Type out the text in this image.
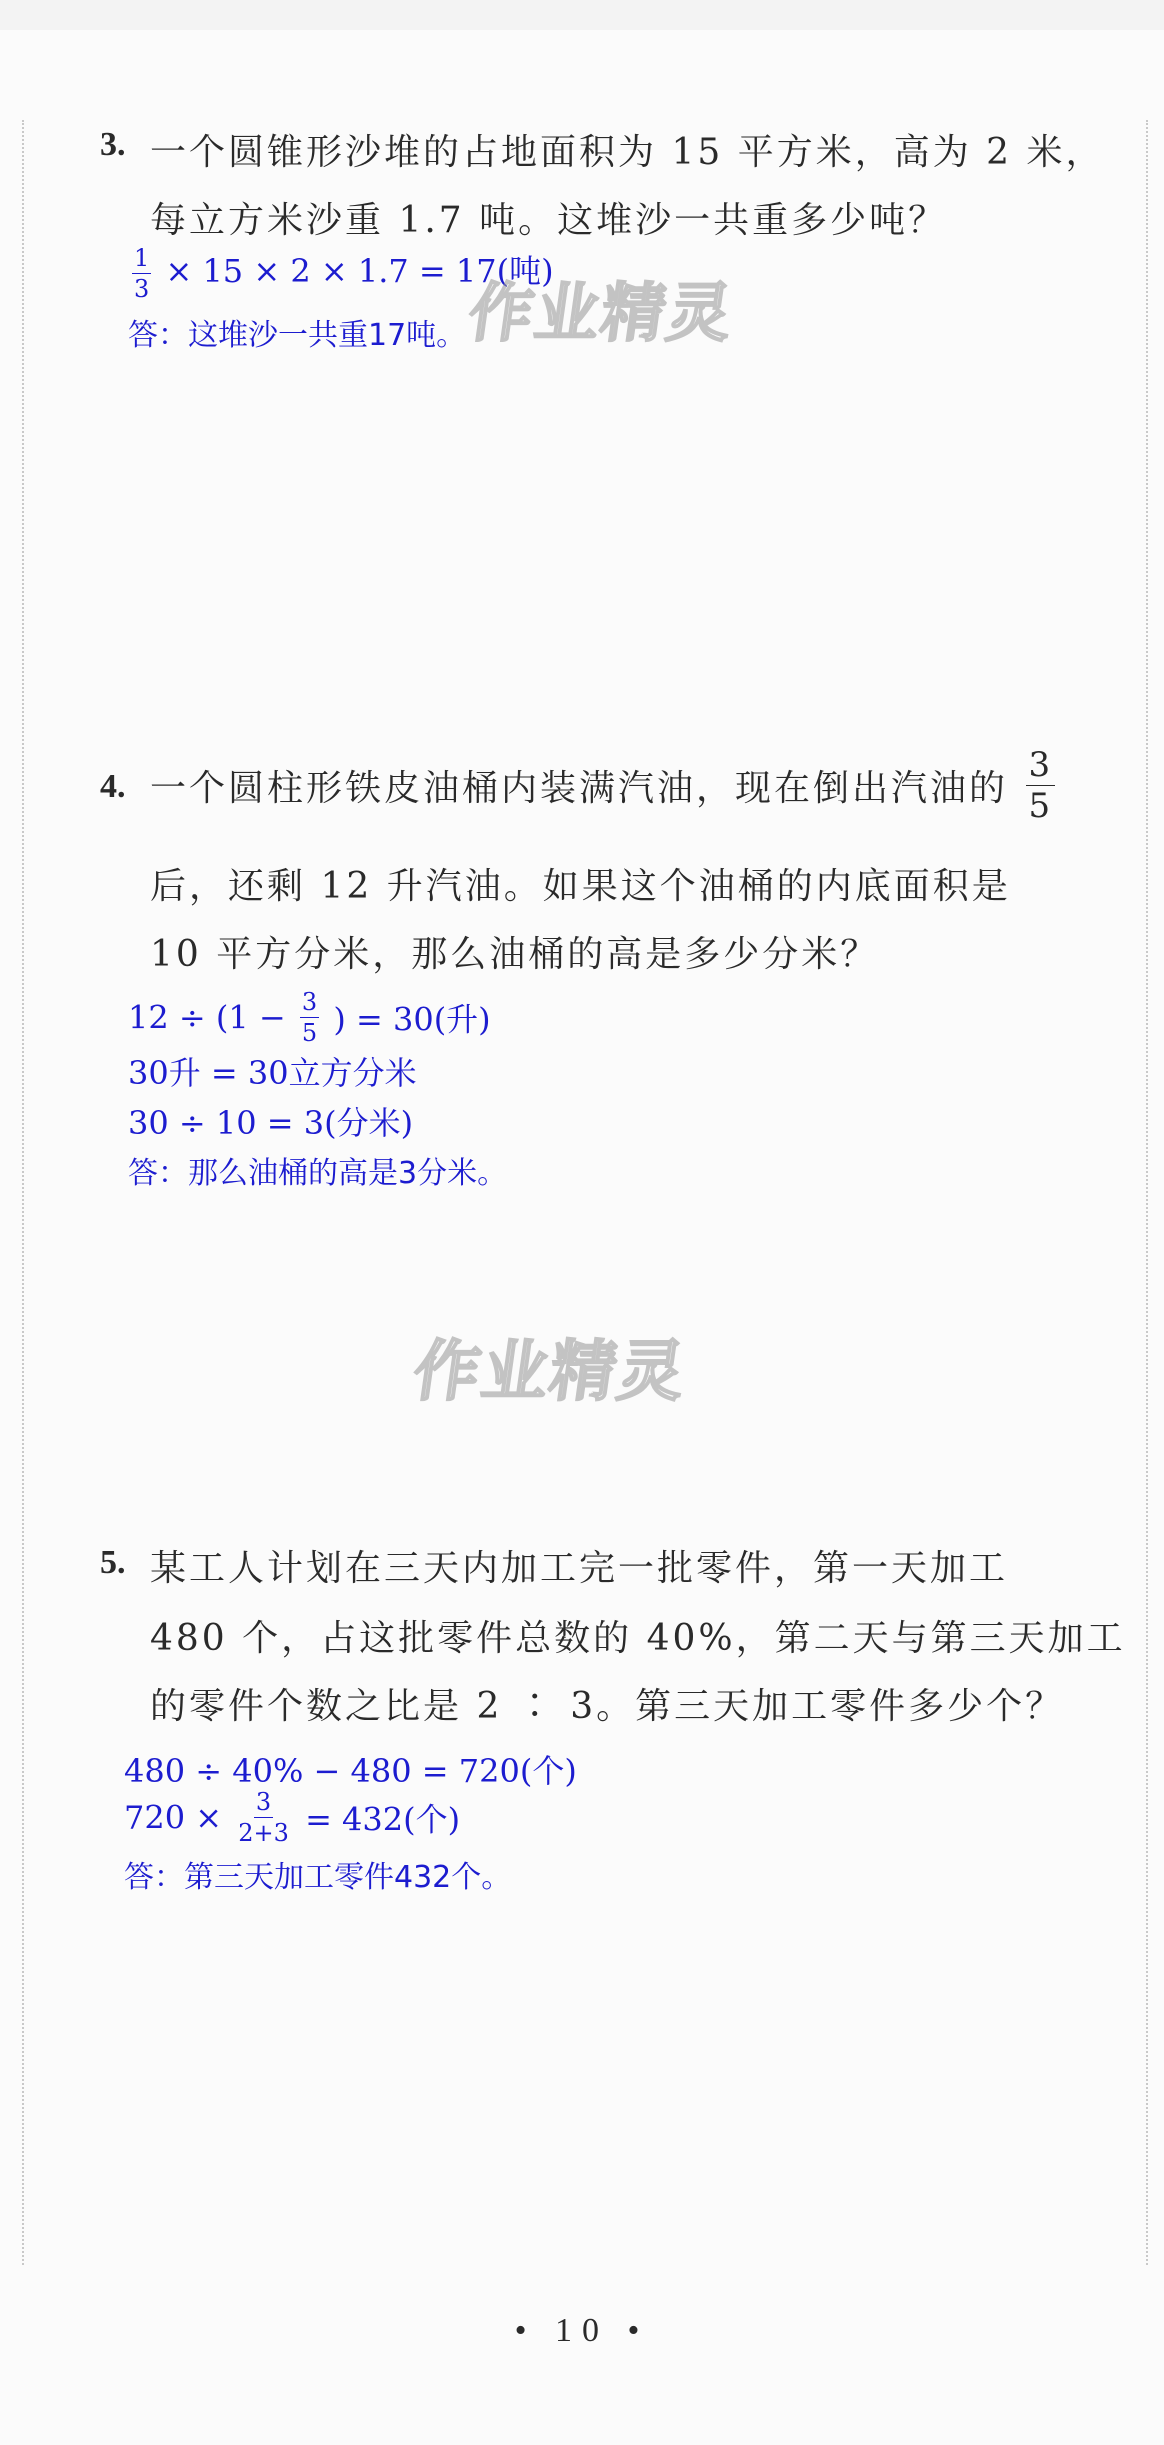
3. 一个圆锥形沙堆的占地面积为 15 平方米，高为 2 米，
每立方米沙重 1.7 吨。这堆沙一共重多少吨？
$\frac{1}{3} \times 15 \times 2 \times 1.7 = 17$(吨)
答：这堆沙一共重17吨。
作业精灵
4. 一个圆柱形铁皮油桶内装满汽油，现在倒出汽油的 $\frac{3}{5}$
后，还剩 12 升汽油。如果这个油桶的内底面积是
10 平方分米，那么油桶的高是多少分米？
$12 \div (1 - \frac{3}{5}$ ) = 30(升)
30升 = 30立方分米
30 ÷ 10 = 3(分米)
答：那么油桶的高是3分米。
作业精灵
5. 某工人计划在三天内加工完一批零件，第一天加工
480 个，占这批零件总数的 40%，第二天与第三天加工
的零件个数之比是 2 ∶ 3。第三天加工零件多少个？
480 ÷ 40% − 480 = 720(个)
$720 \times \frac{3}{2+3} = 432$(个)
答：第三天加工零件432个。
• 10 •
